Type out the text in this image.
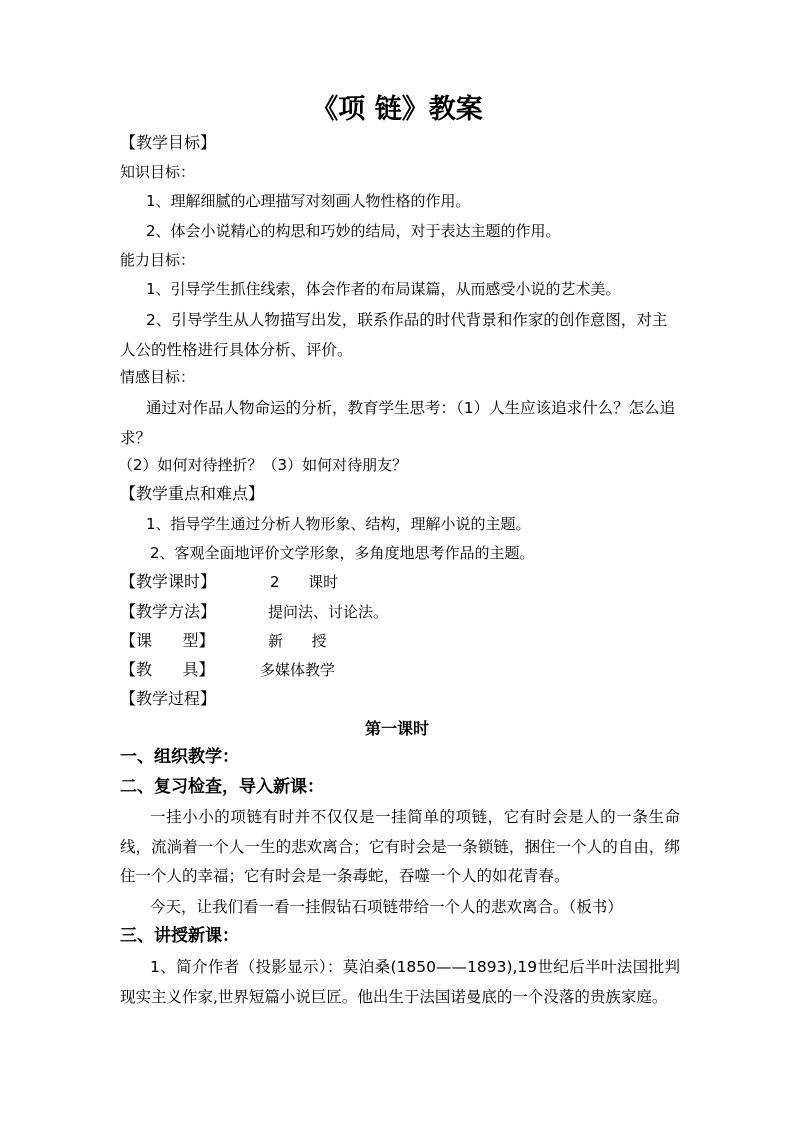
《项 链》教案
【教学目标】
知识目标：
1、理解细腻的心理描写对刻画人物性格的作用。
2、体会小说精心的构思和巧妙的结局，对于表达主题的作用。
能力目标：
1、引导学生抓住线索，体会作者的布局谋篇，从而感受小说的艺术美。
2、引导学生从人物描写出发，联系作品的时代背景和作家的创作意图，对主人公的性格进行具体分析、评价。
情感目标：
通过对作品人物命运的分析，教育学生思考：（1）人生应该追求什么？怎么追求？
（2）如何对待挫折？（3）如何对待朋友？
【教学重点和难点】
1、指导学生通过分析人物形象、结构，理解小说的主题。
2、客观全面地评价文学形象，多角度地思考作品的主题。
【教学课时】	2      课时
【教学方法】	提问法、讨论法。
【课      型】	新      授
【教      具】	多媒体教学
【教学过程】
第一课时
一、组织教学：
二、复习检查，导入新课：
一挂小小的项链有时并不仅仅是一挂简单的项链，它有时会是人的一条生命线，流淌着一个人一生的悲欢离合；它有时会是一条锁链，捆住一个人的自由，绑住一个人的幸福；它有时会是一条毒蛇，吞噬一个人的如花青春。
今天，让我们看一看一挂假钻石项链带给一个人的悲欢离合。（板书）
三、讲授新课：
1、简介作者（投影显示）：莫泊桑(1850——1893),19世纪后半叶法国批判现实主义作家,世界短篇小说巨匠。他出生于法国诺曼底的一个没落的贵族家庭。
